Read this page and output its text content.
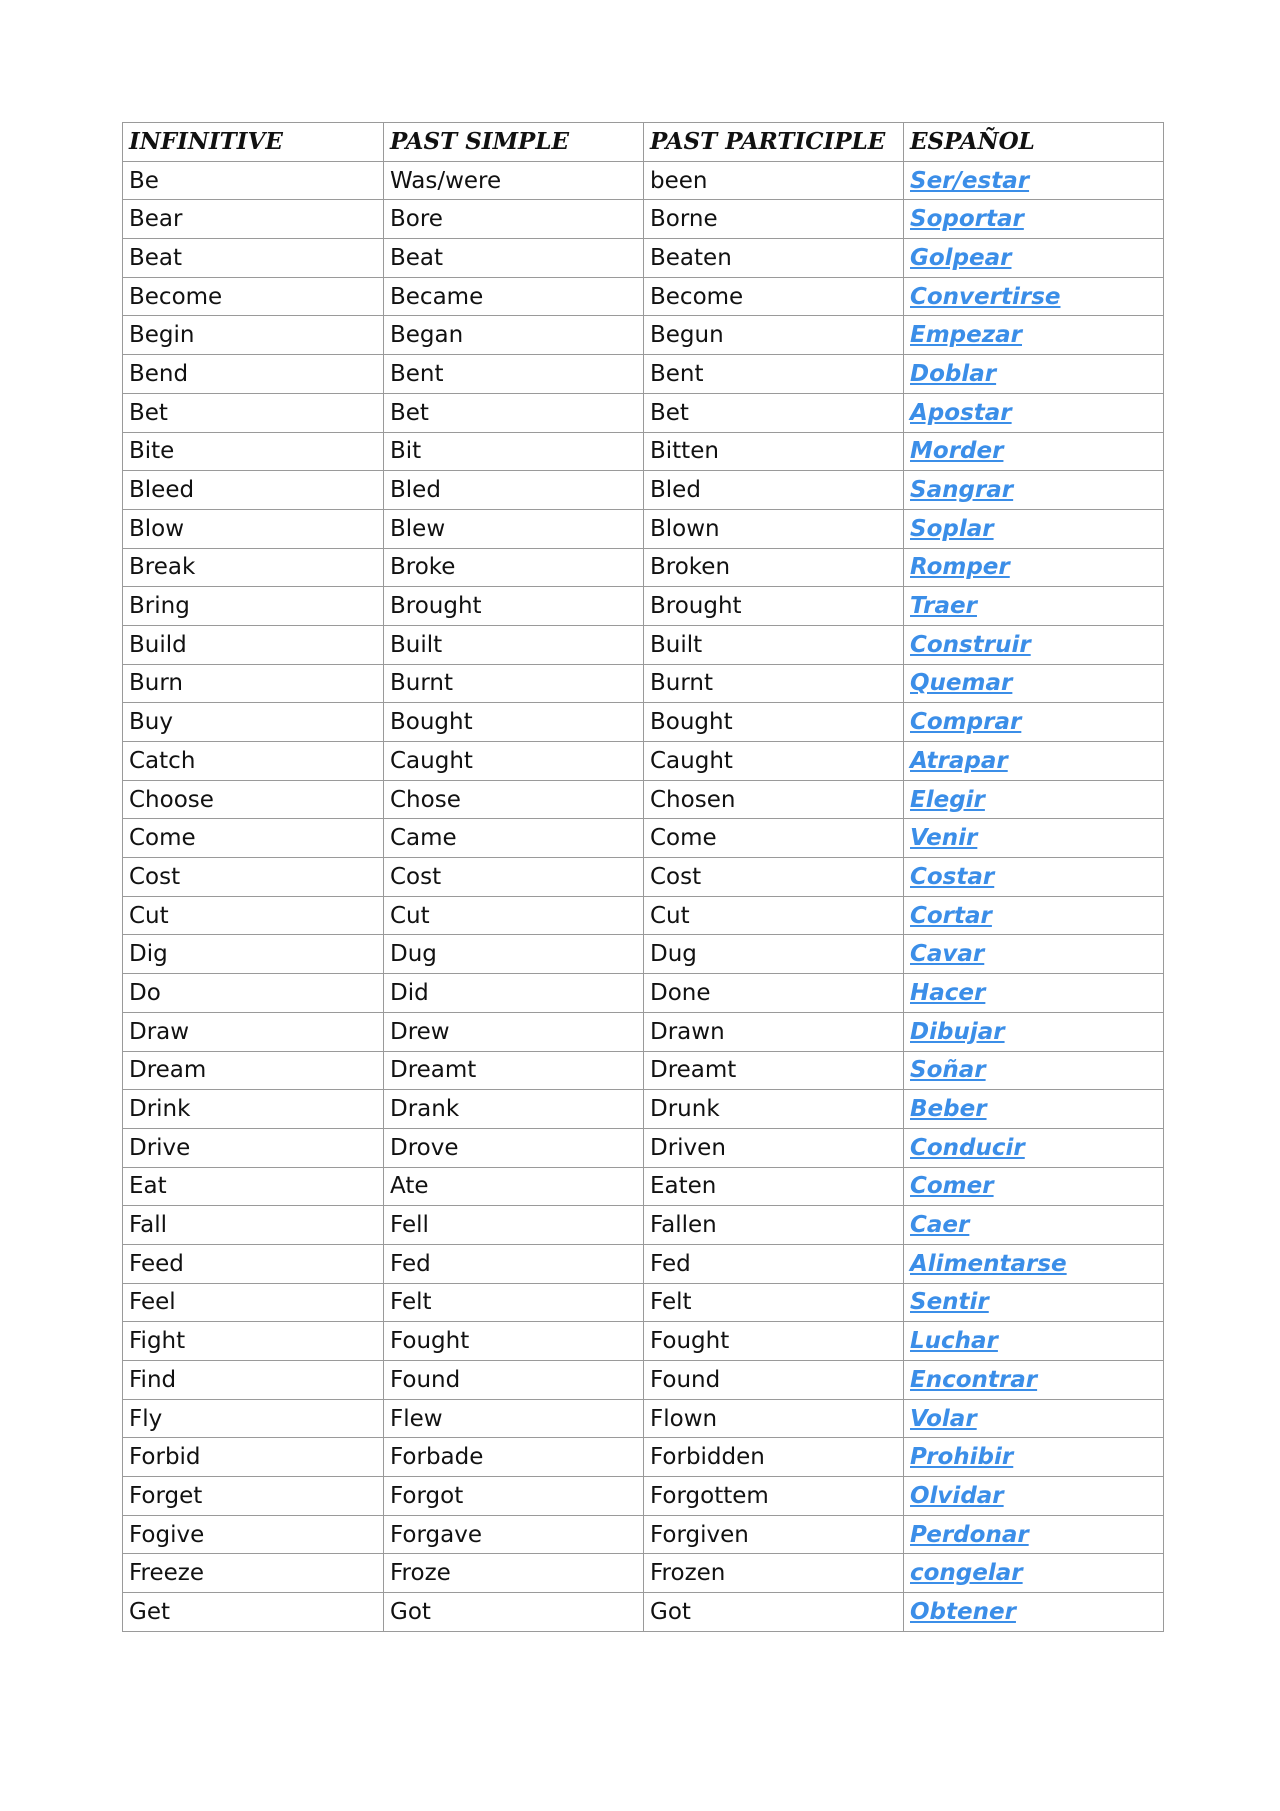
INFINITIVE	PAST SIMPLE	PAST PARTICIPLE	ESPAÑOL
Be	Was/were	been	Ser/estar
Bear	Bore	Borne	Soportar
Beat	Beat	Beaten	Golpear
Become	Became	Become	Convertirse
Begin	Began	Begun	Empezar
Bend	Bent	Bent	Doblar
Bet	Bet	Bet	Apostar
Bite	Bit	Bitten	Morder
Bleed	Bled	Bled	Sangrar
Blow	Blew	Blown	Soplar
Break	Broke	Broken	Romper
Bring	Brought	Brought	Traer
Build	Built	Built	Construir
Burn	Burnt	Burnt	Quemar
Buy	Bought	Bought	Comprar
Catch	Caught	Caught	Atrapar
Choose	Chose	Chosen	Elegir
Come	Came	Come	Venir
Cost	Cost	Cost	Costar
Cut	Cut	Cut	Cortar
Dig	Dug	Dug	Cavar
Do	Did	Done	Hacer
Draw	Drew	Drawn	Dibujar
Dream	Dreamt	Dreamt	Soñar
Drink	Drank	Drunk	Beber
Drive	Drove	Driven	Conducir
Eat	Ate	Eaten	Comer
Fall	Fell	Fallen	Caer
Feed	Fed	Fed	Alimentarse
Feel	Felt	Felt	Sentir
Fight	Fought	Fought	Luchar
Find	Found	Found	Encontrar
Fly	Flew	Flown	Volar
Forbid	Forbade	Forbidden	Prohibir
Forget	Forgot	Forgottem	Olvidar
Fogive	Forgave	Forgiven	Perdonar
Freeze	Froze	Frozen	congelar
Get	Got	Got	Obtener
